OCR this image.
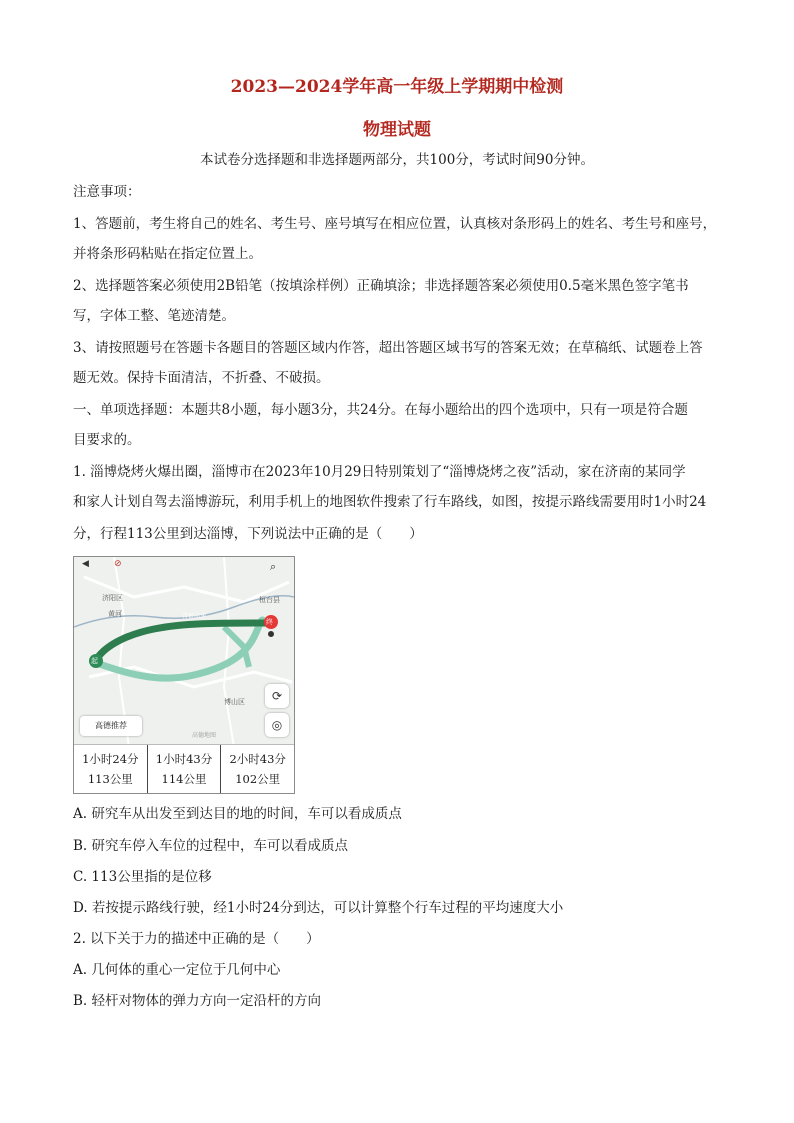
2023—2024学年高一年级上学期期中检测
物理试题
本试卷分选择题和非选择题两部分，共100分，考试时间90分钟。
注意事项：
1、答题前，考生将自己的姓名、考生号、座号填写在相应位置，认真核对条形码上的姓名、考生号和座号，
并将条形码粘贴在指定位置上。
2、选择题答案必须使用2B铅笔（按填涂样例）正确填涂；非选择题答案必须使用0.5毫米黑色签字笔书
写，字体工整、笔迹清楚。
3、请按照题号在答题卡各题目的答题区域内作答，超出答题区域书写的答案无效；在草稿纸、试题卷上答
题无效。保持卡面清洁，不折叠、不破损。
一、单项选择题：本题共8小题，每小题3分，共24分。在每小题给出的四个选项中，只有一项是符合题
目要求的。
1. 淄博烧烤火爆出圈，淄博市在2023年10月29日特别策划了“淄博烧烤之夜”活动，家在济南的某同学
和家人计划自驾去淄博游玩，利用手机上的地图软件搜索了行车路线，如图，按提示路线需要用时1小时24
分，行程113公里到达淄博，下列说法中正确的是（　　）
◀	⊘	⌕
济阳区
黄河
桓台县
博山区
青银高速
起
终
高德地图
⟳
◎
高德推荐
1小时24分
113公里
1小时43分
114公里
2小时43分
102公里
A. 研究车从出发至到达目的地的时间，车可以看成质点
B. 研究车停入车位的过程中，车可以看成质点
C. 113公里指的是位移
D. 若按提示路线行驶，经1小时24分到达，可以计算整个行车过程的平均速度大小
2. 以下关于力的描述中正确的是（　　）
A. 几何体的重心一定位于几何中心
B. 轻杆对物体的弹力方向一定沿杆的方向
